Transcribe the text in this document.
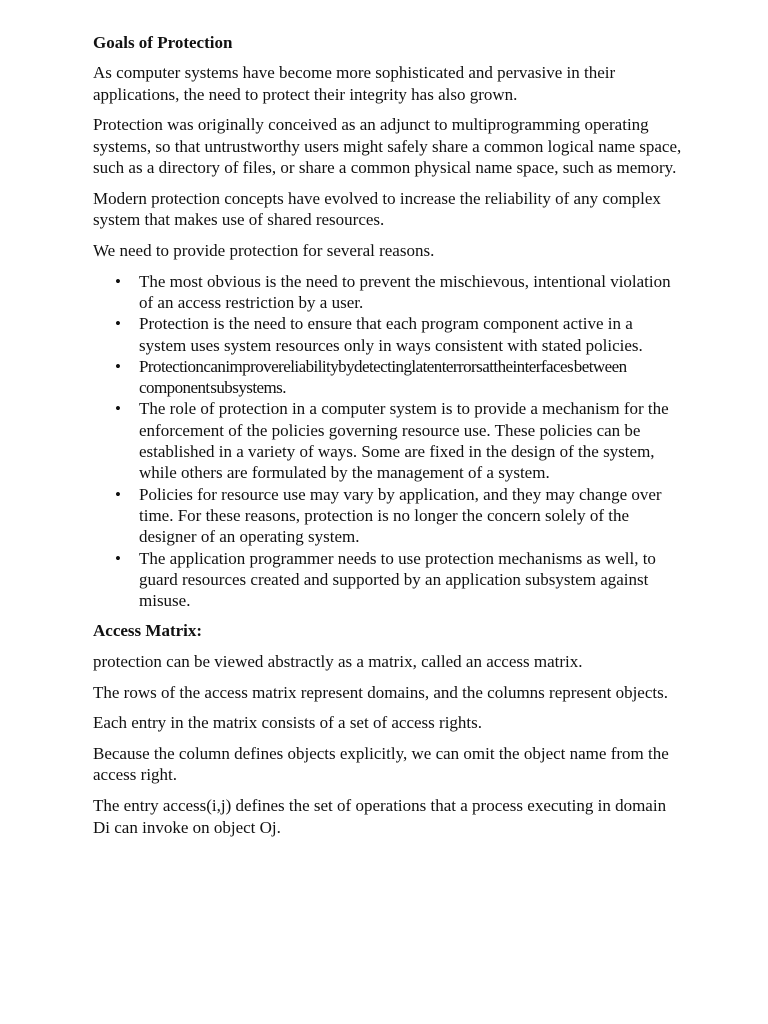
Goals of Protection

As computer systems have become more sophisticated and pervasive in their applications, the need to protect their integrity has also grown.

Protection was originally conceived as an adjunct to multiprogramming operating systems, so that untrustworthy users might safely share a common logical name space, such as a directory of files, or share a common physical name space, such as memory.

Modern protection concepts have evolved to increase the reliability of any complex system that makes use of shared resources.

We need to provide protection for several reasons.

• The most obvious is the need to prevent the mischievous, intentional violation of an access restriction by a user.
• Protection is the need to ensure that each program component active in a system uses system resources only in ways consistent with stated policies.
• Protectioncanimprovereliabilitybydetectinglatenterrorsattheinterfaces between component subsystems.
• The role of protection in a computer system is to provide a mechanism for the enforcement of the policies governing resource use. These policies can be established in a variety of ways. Some are fixed in the design of the system, while others are formulated by the management of a system.
• Policies for resource use may vary by application, and they may change over time. For these reasons, protection is no longer the concern solely of the designer of an operating system.
• The application programmer needs to use protection mechanisms as well, to guard resources created and supported by an application subsystem against misuse.
Access Matrix:

protection can be viewed abstractly as a matrix, called an access matrix.

The rows of the access matrix represent domains, and the columns represent objects.

Each entry in the matrix consists of a set of access rights.

Because the column defines objects explicitly, we can omit the object name from the access right.

The entry access(i,j) defines the set of operations that a process executing in domain Di can invoke on object Oj.
